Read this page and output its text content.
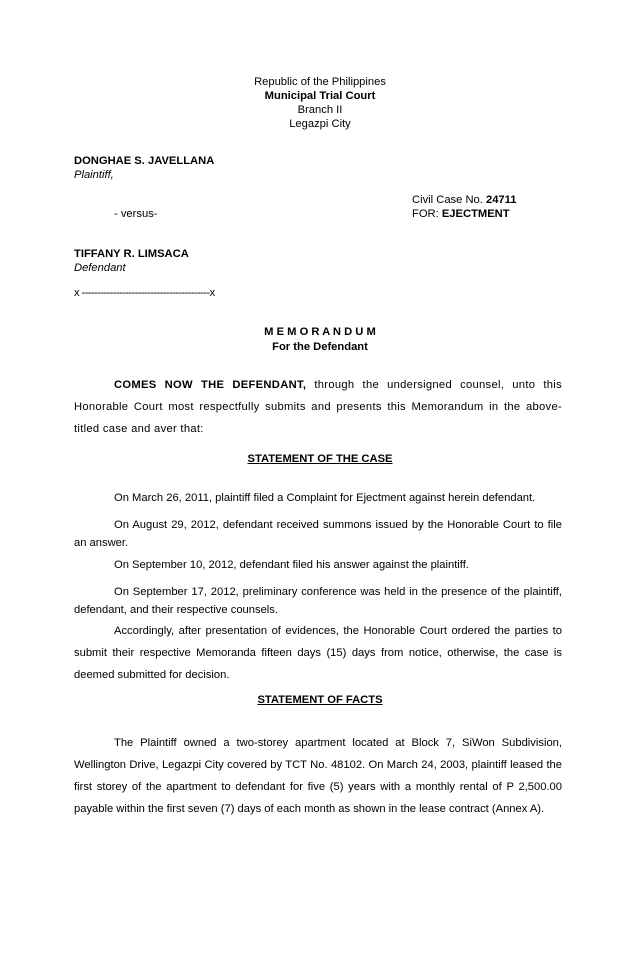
Republic of the Philippines
Municipal Trial Court
Branch II
Legazpi City
DONGHAE S. JAVELLANA
Plaintiff,
Civil Case No. 24711
- versus-	FOR: EJECTMENT
TIFFANY R. LIMSACA
Defendant
x -----------------------------------------x
M E M O R A N D U M
For the Defendant

COMES NOW THE DEFENDANT, through the undersigned counsel, unto this Honorable Court most respectfully submits and presents this Memorandum in the above-titled case and aver that:

STATEMENT OF THE CASE

On March 26, 2011, plaintiff filed a Complaint for Ejectment against herein defendant.

On August 29, 2012, defendant received summons issued by the Honorable Court to file an answer.

On September 10, 2012, defendant filed his answer against the plaintiff.

On September 17, 2012, preliminary conference was held in the presence of the plaintiff, defendant, and their respective counsels.

Accordingly, after presentation of evidences, the Honorable Court ordered the parties to submit their respective Memoranda fifteen days (15) days from notice, otherwise, the case is deemed submitted for decision.

STATEMENT OF FACTS

The Plaintiff owned a two-storey apartment located at Block 7, SiWon Subdivision, Wellington Drive, Legazpi City covered by TCT No. 48102. On March 24, 2003, plaintiff leased the first storey of the apartment to defendant for five (5) years with a monthly rental of P 2,500.00 payable within the first seven (7) days of each month as shown in the lease contract (Annex A).
